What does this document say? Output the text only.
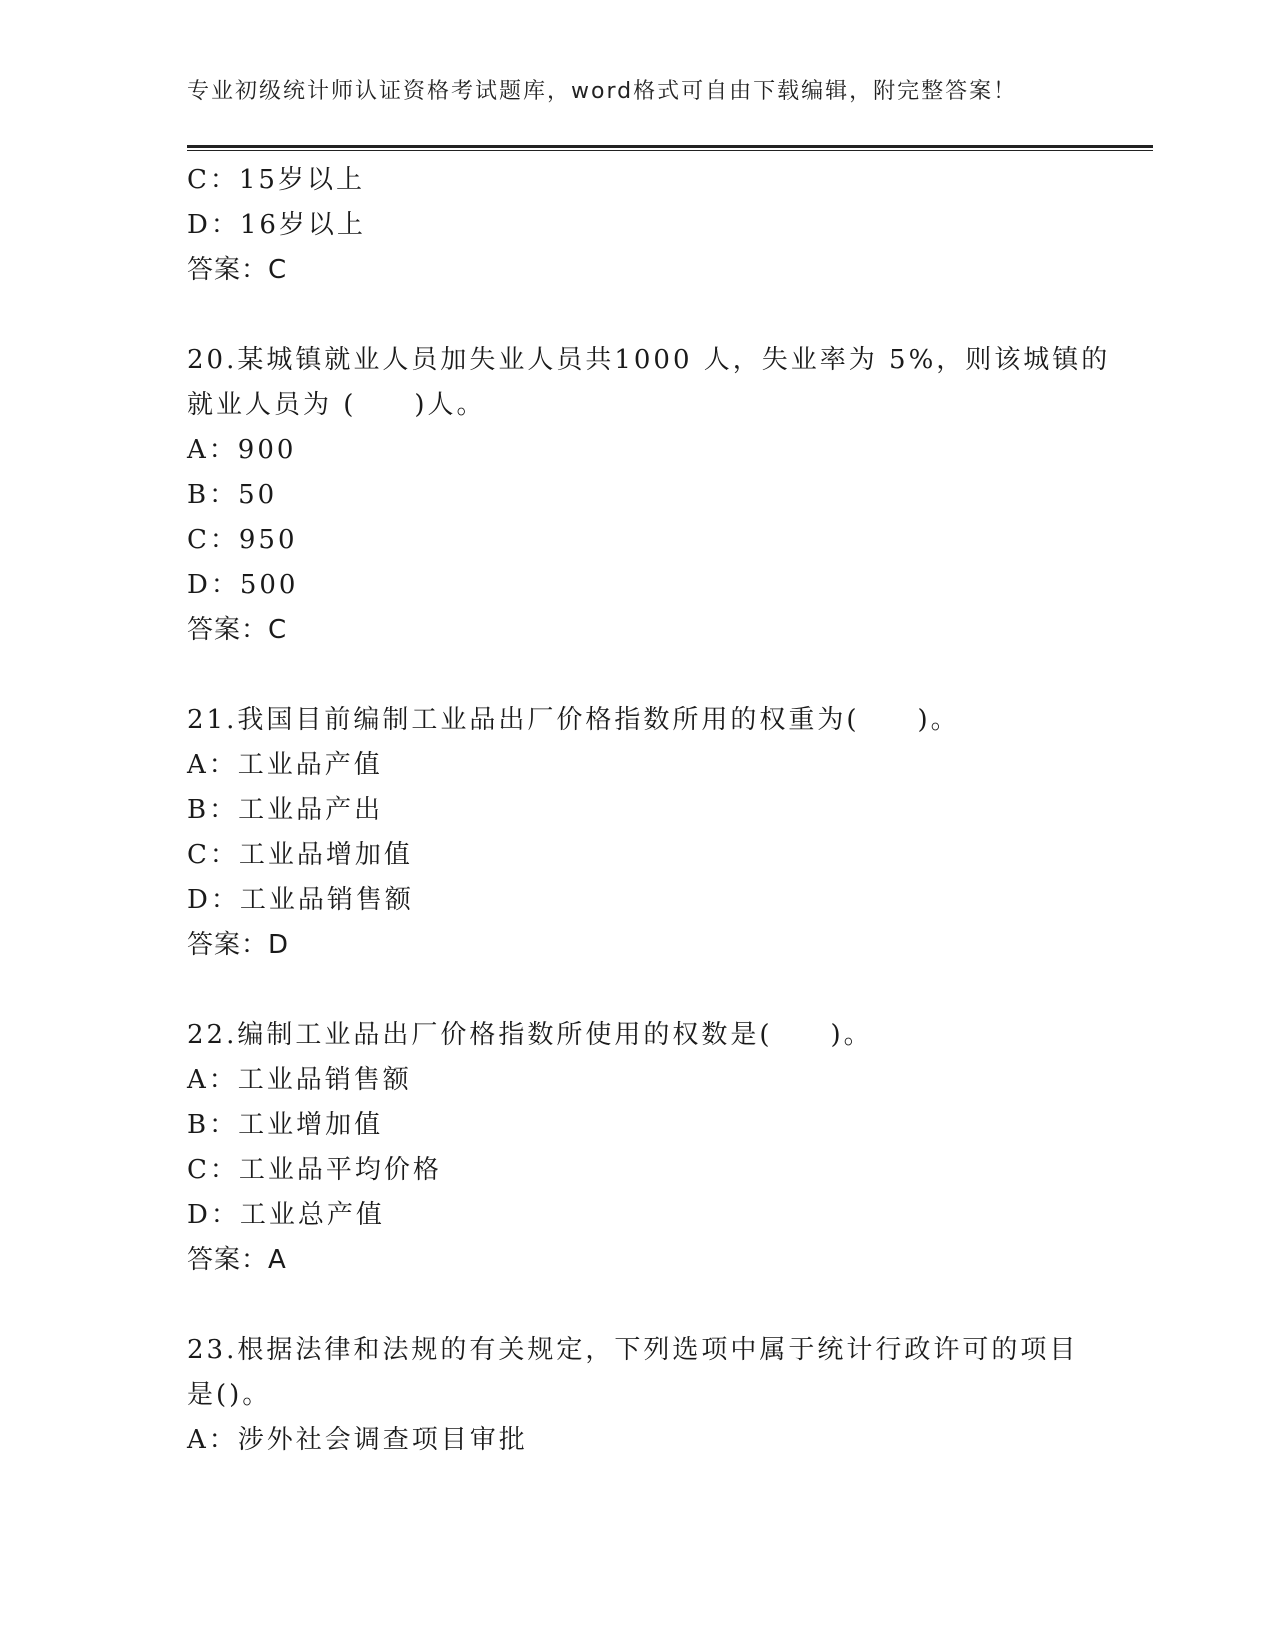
专业初级统计师认证资格考试题库，word格式可自由下载编辑，附完整答案！
C：15岁以上
D：16岁以上
答案：C
20.某城镇就业人员加失业人员共1000 人，失业率为 5%，则该城镇的
就业人员为 (　　)人。
A：900
B：50
C：950
D：500
答案：C
21.我国目前编制工业品出厂价格指数所用的权重为(　　)。
A：工业品产值
B：工业品产出
C：工业品增加值
D：工业品销售额
答案：D
22.编制工业品出厂价格指数所使用的权数是(　　)。
A：工业品销售额
B：工业增加值
C：工业品平均价格
D：工业总产值
答案：A
23.根据法律和法规的有关规定，下列选项中属于统计行政许可的项目
是()。
A：涉外社会调查项目审批
